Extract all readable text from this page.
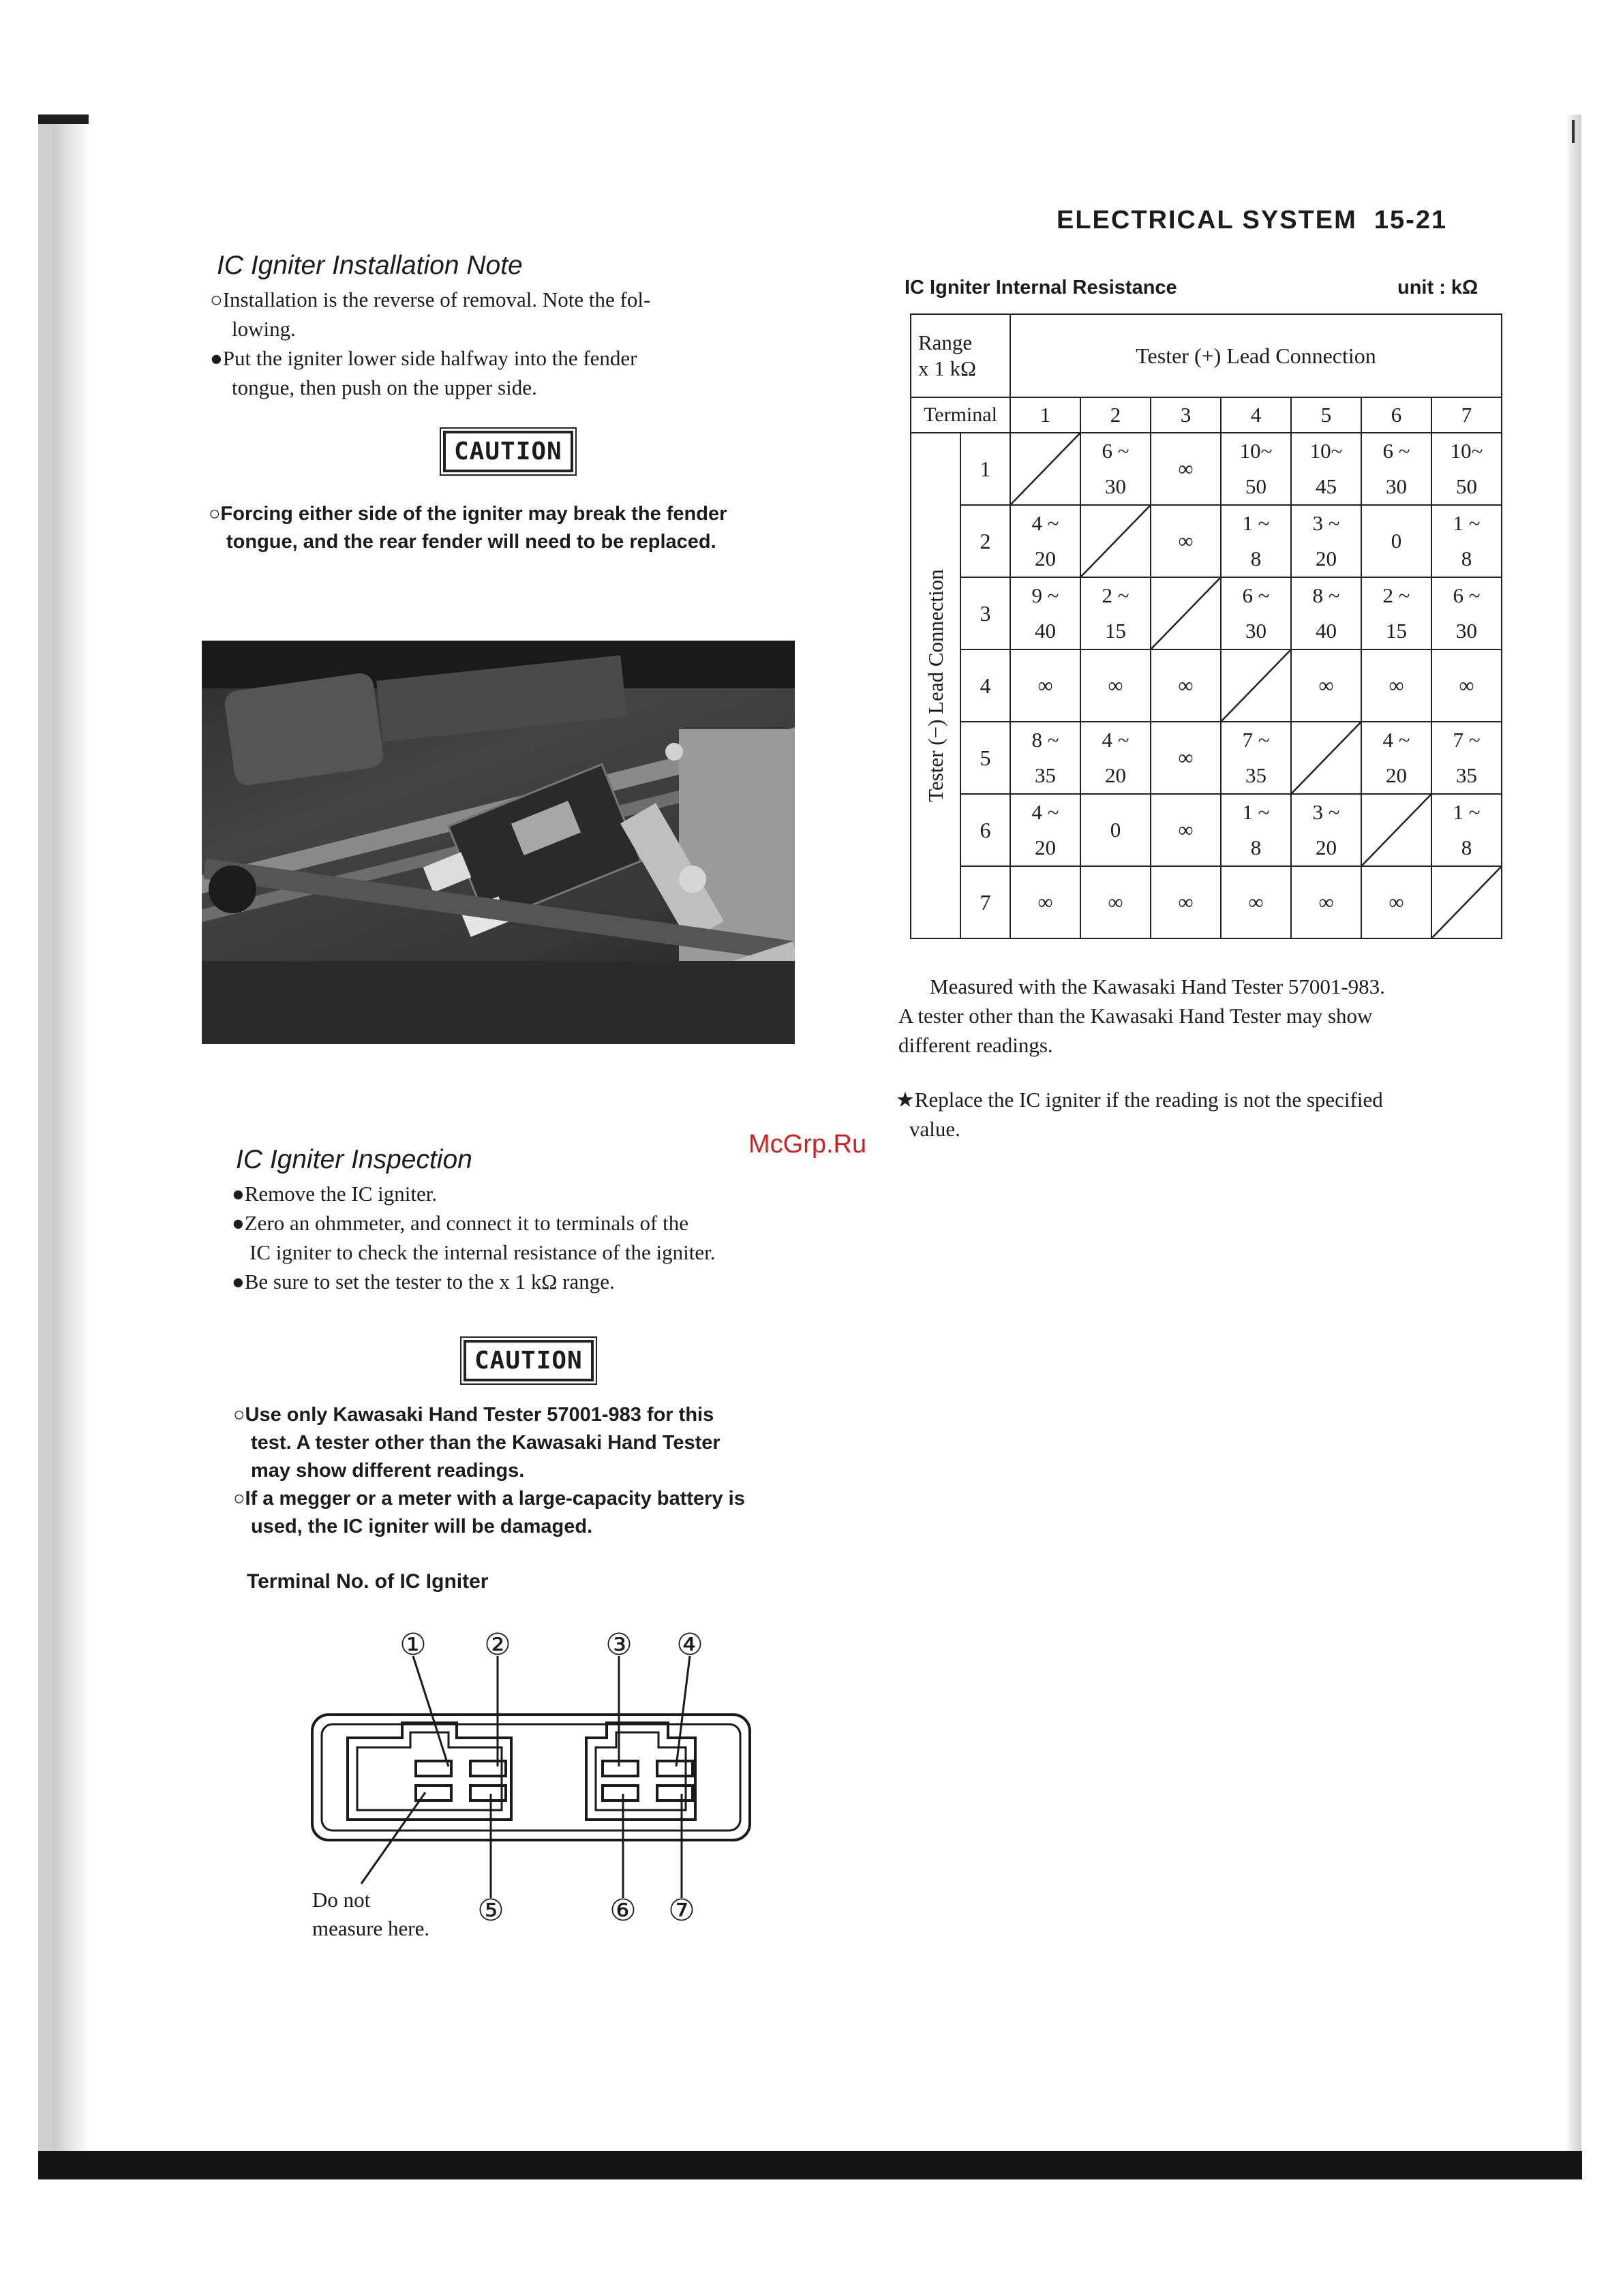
ELECTRICAL SYSTEM 15-21
IC Igniter Installation Note
○Installation is the reverse of removal. Note the fol-
lowing.
●Put the igniter lower side halfway into the fender
tongue, then push on the upper side.
CAUTION
○Forcing either side of the igniter may break the fender
tongue, and the rear fender will need to be replaced.
McGrp.Ru
IC Igniter Inspection
●Remove the IC igniter.
●Zero an ohmmeter, and connect it to terminals of the
IC igniter to check the internal resistance of the igniter.
●Be sure to set the tester to the x 1 kΩ range.
CAUTION
○Use only Kawasaki Hand Tester 57001-983 for this
test. A tester other than the Kawasaki Hand Tester
may show different readings.
○If a megger or a meter with a large-capacity battery is
used, the IC igniter will be damaged.
Terminal No. of IC Igniter
① ②	③ ④
⑤	⑥ ⑦
Do not
measure here.
IC Igniter Internal Resistance	unit : kΩ
Range
x 1 kΩ		Tester (+) Lead Connection						
Terminal		1	2	3	4	5	6	7

Tester (−) Lead Connection	1		6 ~
30	∞	10~
50	10~
45	6 ~
30	10~
50

	2	4 ~
20		∞	1 ~
8	3 ~
20	0	1 ~
8

	3	9 ~
40	2 ~
15		6 ~
30	8 ~
40	2 ~
15	6 ~
30

	4	∞	∞	∞		∞	∞	∞

	5	8 ~
35	4 ~
20	∞	7 ~
35		4 ~
20	7 ~
35

	6	4 ~
20	0	∞	1 ~
8	3 ~
20		1 ~
8

	7	∞	∞	∞	∞	∞	∞	

Measured with the Kawasaki Hand Tester 57001-983.
A tester other than the Kawasaki Hand Tester may show
different readings.
★Replace the IC igniter if the reading is not the specified
value.
